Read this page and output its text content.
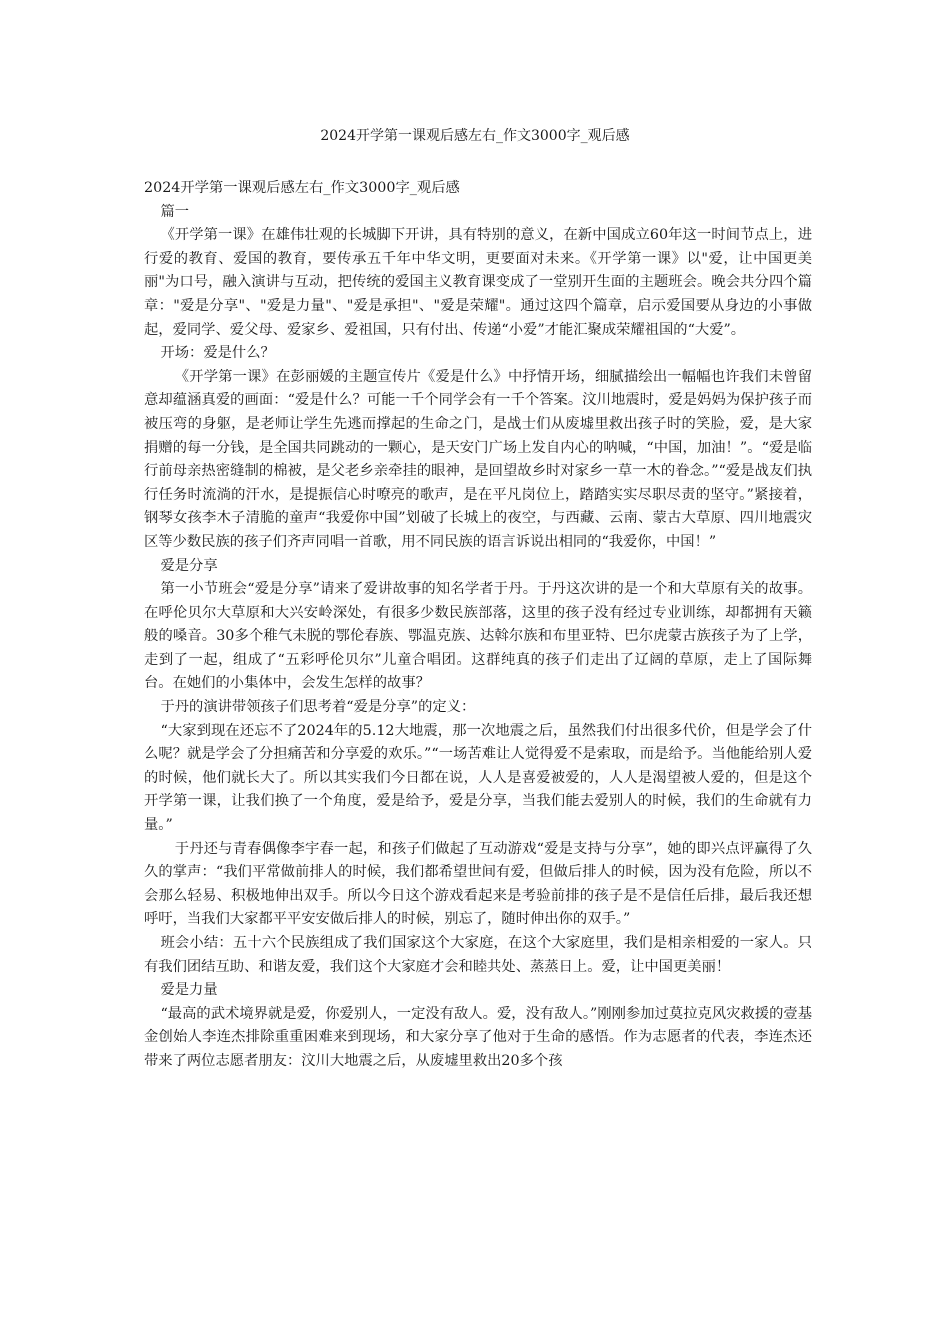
2024开学第一课观后感左右_作文3000字_观后感

2024开学第一课观后感左右_作文3000字_观后感

篇一

《开学第一课》在雄伟壮观的长城脚下开讲，具有特别的意义，在新中国成立60年这一时间节点上，进行爱的教育、爱国的教育，要传承五千年中华文明，更要面对未来。《开学第一课》以"爱，让中国更美丽"为口号，融入演讲与互动，把传统的爱国主义教育课变成了一堂别开生面的主题班会。晚会共分四个篇章："爱是分享"、"爱是力量"、"爱是承担"、"爱是荣耀"。通过这四个篇章，启示爱国要从身边的小事做起，爱同学、爱父母、爱家乡、爱祖国，只有付出、传递“小爱”才能汇聚成荣耀祖国的“大爱”。

开场：爱是什么？

《开学第一课》在彭丽媛的主题宣传片《爱是什么》中抒情开场，细腻描绘出一幅幅也许我们未曾留意却蕴涵真爱的画面：“爱是什么？可能一千个同学会有一千个答案。汶川地震时，爱是妈妈为保护孩子而被压弯的身躯，是老师让学生先逃而撑起的生命之门，是战士们从废墟里救出孩子时的笑脸，爱，是大家捐赠的每一分钱，是全国共同跳动的一颗心，是天安门广场上发自内心的呐喊，“中国，加油！”。“爱是临行前母亲热密缝制的棉被，是父老乡亲牵挂的眼神，是回望故乡时对家乡一草一木的眷念。”“爱是战友们执行任务时流淌的汗水，是提振信心时嘹亮的歌声，是在平凡岗位上，踏踏实实尽职尽责的坚守。”紧接着，钢琴女孩李木子清脆的童声“我爱你中国”划破了长城上的夜空，与西藏、云南、蒙古大草原、四川地震灾区等少数民族的孩子们齐声同唱一首歌，用不同民族的语言诉说出相同的“我爱你，中国！”

爱是分享

第一小节班会“爱是分享”请来了爱讲故事的知名学者于丹。于丹这次讲的是一个和大草原有关的故事。在呼伦贝尔大草原和大兴安岭深处，有很多少数民族部落，这里的孩子没有经过专业训练，却都拥有天籁般的嗓音。30多个稚气未脱的鄂伦春族、鄂温克族、达斡尔族和布里亚特、巴尔虎蒙古族孩子为了上学，走到了一起，组成了“五彩呼伦贝尔”儿童合唱团。这群纯真的孩子们走出了辽阔的草原，走上了国际舞台。在她们的小集体中，会发生怎样的故事？

于丹的演讲带领孩子们思考着“爱是分享”的定义：

“大家到现在还忘不了2024年的5.12大地震，那一次地震之后，虽然我们付出很多代价，但是学会了什么呢？就是学会了分担痛苦和分享爱的欢乐。”“一场苦难让人觉得爱不是索取，而是给予。当他能给别人爱的时候，他们就长大了。所以其实我们今日都在说，人人是喜爱被爱的，人人是渴望被人爱的，但是这个开学第一课，让我们换了一个角度，爱是给予，爱是分享，当我们能去爱别人的时候，我们的生命就有力量。”

于丹还与青春偶像李宇春一起，和孩子们做起了互动游戏“爱是支持与分享”，她的即兴点评赢得了久久的掌声：“我们平常做前排人的时候，我们都希望世间有爱，但做后排人的时候，因为没有危险，所以不会那么轻易、积极地伸出双手。所以今日这个游戏看起来是考验前排的孩子是不是信任后排，最后我还想呼吁，当我们大家都平平安安做后排人的时候，别忘了，随时伸出你的双手。”

班会小结：五十六个民族组成了我们国家这个大家庭，在这个大家庭里，我们是相亲相爱的一家人。只有我们团结互助、和谐友爱，我们这个大家庭才会和睦共处、蒸蒸日上。爱，让中国更美丽！

爱是力量

“最高的武术境界就是爱，你爱别人，一定没有敌人。爱，没有敌人。”刚刚参加过莫拉克风灾救援的壹基金创始人李连杰排除重重困难来到现场，和大家分享了他对于生命的感悟。作为志愿者的代表，李连杰还带来了两位志愿者朋友：汶川大地震之后，从废墟里救出20多个孩
